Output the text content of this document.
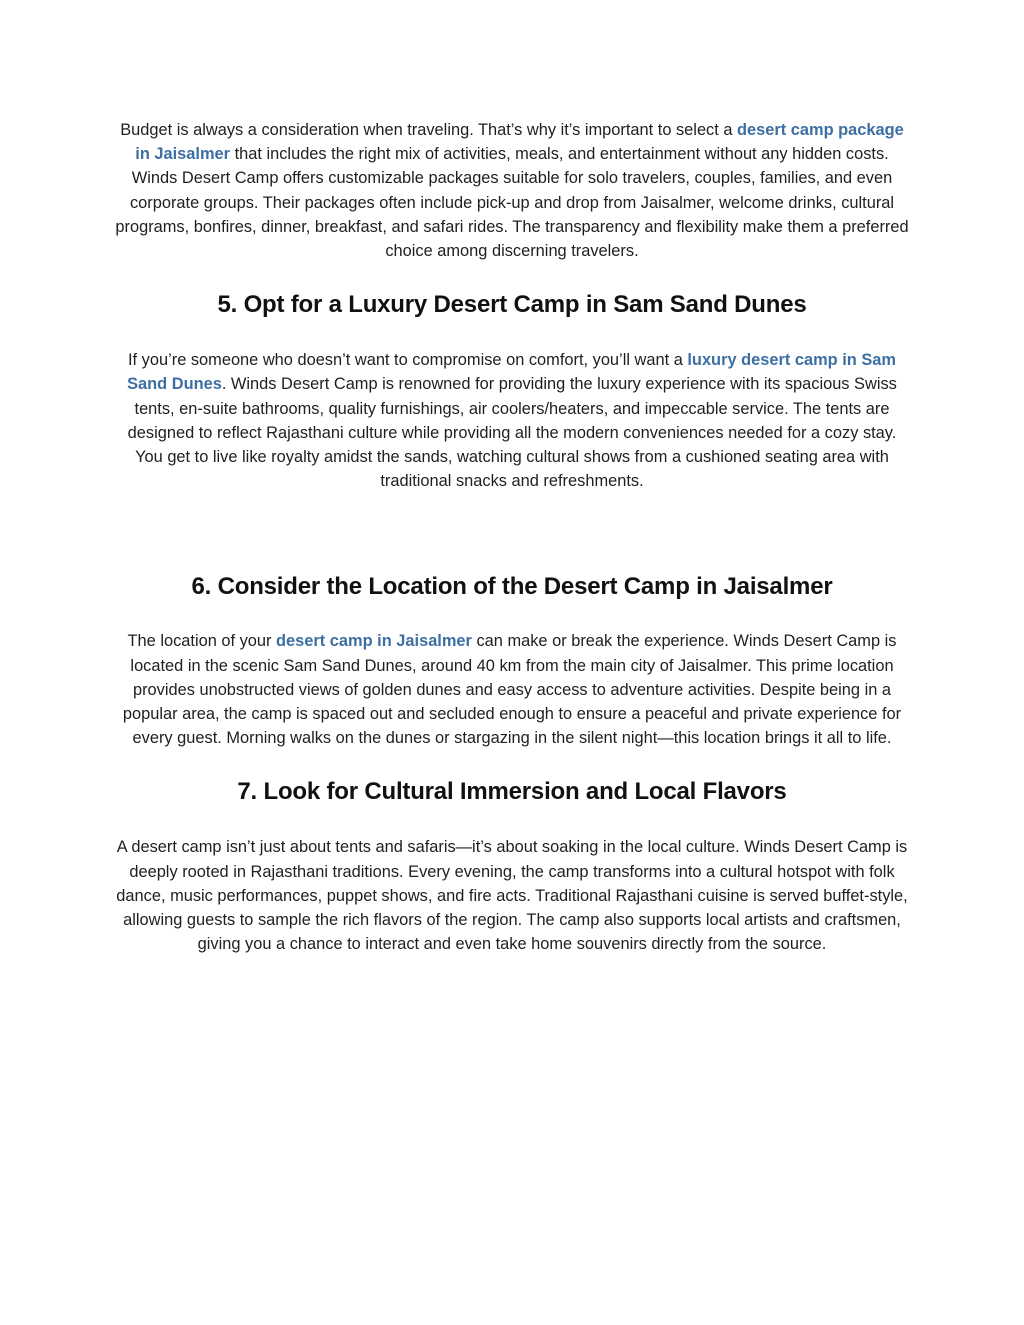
Budget is always a consideration when traveling. That’s why it’s important to select a desert camp package in Jaisalmer that includes the right mix of activities, meals, and entertainment without any hidden costs. Winds Desert Camp offers customizable packages suitable for solo travelers, couples, families, and even corporate groups. Their packages often include pick-up and drop from Jaisalmer, welcome drinks, cultural programs, bonfires, dinner, breakfast, and safari rides. The transparency and flexibility make them a preferred choice among discerning travelers.

5. Opt for a Luxury Desert Camp in Sam Sand Dunes

If you’re someone who doesn’t want to compromise on comfort, you’ll want a luxury desert camp in Sam Sand Dunes. Winds Desert Camp is renowned for providing the luxury experience with its spacious Swiss tents, en-suite bathrooms, quality furnishings, air coolers/heaters, and impeccable service. The tents are designed to reflect Rajasthani culture while providing all the modern conveniences needed for a cozy stay. You get to live like royalty amidst the sands, watching cultural shows from a cushioned seating area with traditional snacks and refreshments.

6. Consider the Location of the Desert Camp in Jaisalmer

The location of your desert camp in Jaisalmer can make or break the experience. Winds Desert Camp is located in the scenic Sam Sand Dunes, around 40 km from the main city of Jaisalmer. This prime location provides unobstructed views of golden dunes and easy access to adventure activities. Despite being in a popular area, the camp is spaced out and secluded enough to ensure a peaceful and private experience for every guest. Morning walks on the dunes or stargazing in the silent night—this location brings it all to life.

7. Look for Cultural Immersion and Local Flavors

A desert camp isn’t just about tents and safaris—it’s about soaking in the local culture. Winds Desert Camp is deeply rooted in Rajasthani traditions. Every evening, the camp transforms into a cultural hotspot with folk dance, music performances, puppet shows, and fire acts. Traditional Rajasthani cuisine is served buffet-style, allowing guests to sample the rich flavors of the region. The camp also supports local artists and craftsmen, giving you a chance to interact and even take home souvenirs directly from the source.
